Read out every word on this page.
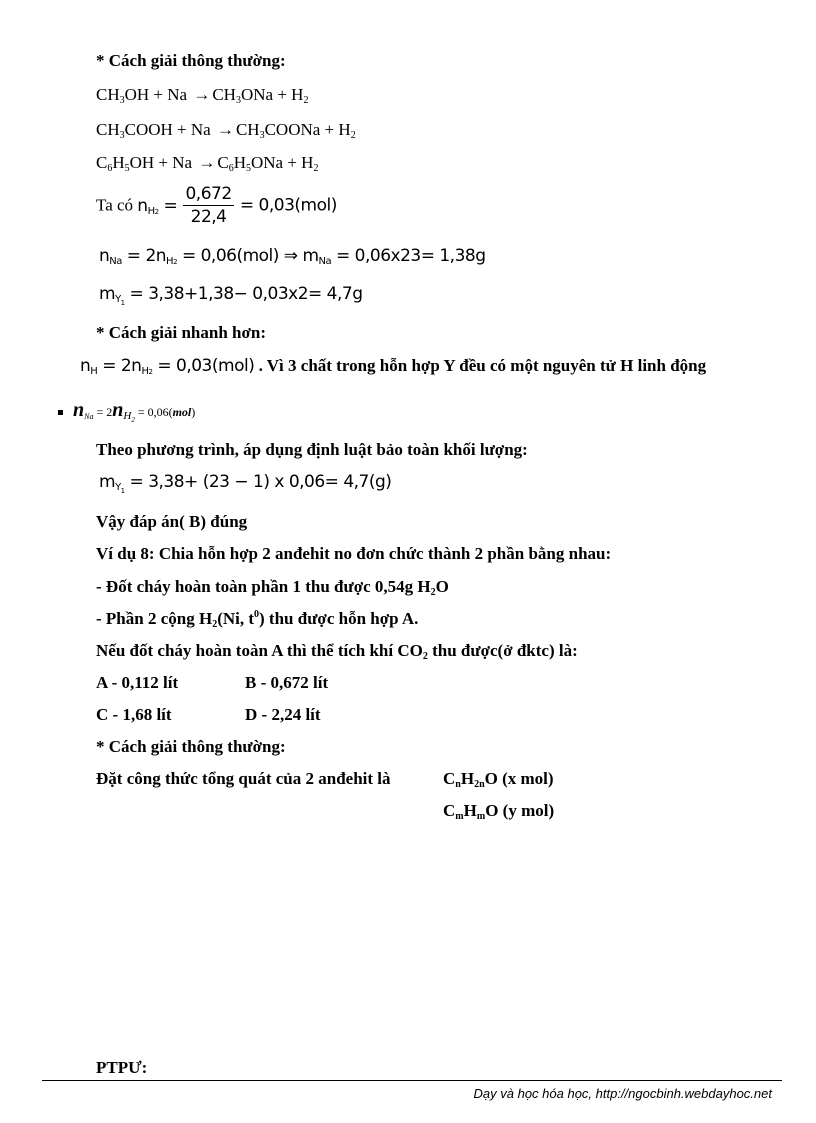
* Cách giải thông thường:
$CH_3OH + Na \to CH_3ONa + H_2$
$CH_3COOH + Na$ → $CH_3COONa + H_2$
$C_6H_5OH + Na \to C_6H_5ONa + H_2$
Ta có $n_{H2} = \frac{0,672}{22,4} = 0,03(mol)$
$n_{Na} = 2n_{H2} = 0,06(mol)$ ⇒ $m_{Na} = 0,06x23= 1,38g$
$m_{Y_1} = 3,38+1,38- 0,03x2= 4,7g$
* Cách giải nhanh hơn:
$n_H = 2n_{H2} = 0,03(mol)$ . Vì 3 chất trong hỗn hợp Y đều có một nguyên tử H linh động
$n_{Na} = 2n_{H_2} = 0,06(mol)$
Theo phương trình, áp dụng định luật bảo toàn khối lượng:
$m_{Y_1} = 3,38+ (23 - 1)$ x 0,06= 4,7(g)
Vậy đáp án( B) đúng
Ví dụ 8: Chia hỗn hợp 2 anđehit no đơn chức thành 2 phần bằng nhau:
- Đốt cháy hoàn toàn phần 1 thu được 0,54g $H_2O$
- Phần 2 cộng $H_2(Ni$, $t^0$) thu được hỗn hợp A.
Nếu đốt cháy hoàn toàn A thì thể tích khí $CO_2$ thu được(ở đktc) là:
A - 0,112 lít	B - 0,672 lít
C - 1,68 lít	D - 2,24 lít
* Cách giải thông thường:
Đặt công thức tổng quát của 2 anđehit là	$C_nH_{2n}O$ (x mol)
$C_mH_mO$ (y mol)
PTPƯ:
Dạy và học hóa học, http://ngocbinh.webdayhoc.net
